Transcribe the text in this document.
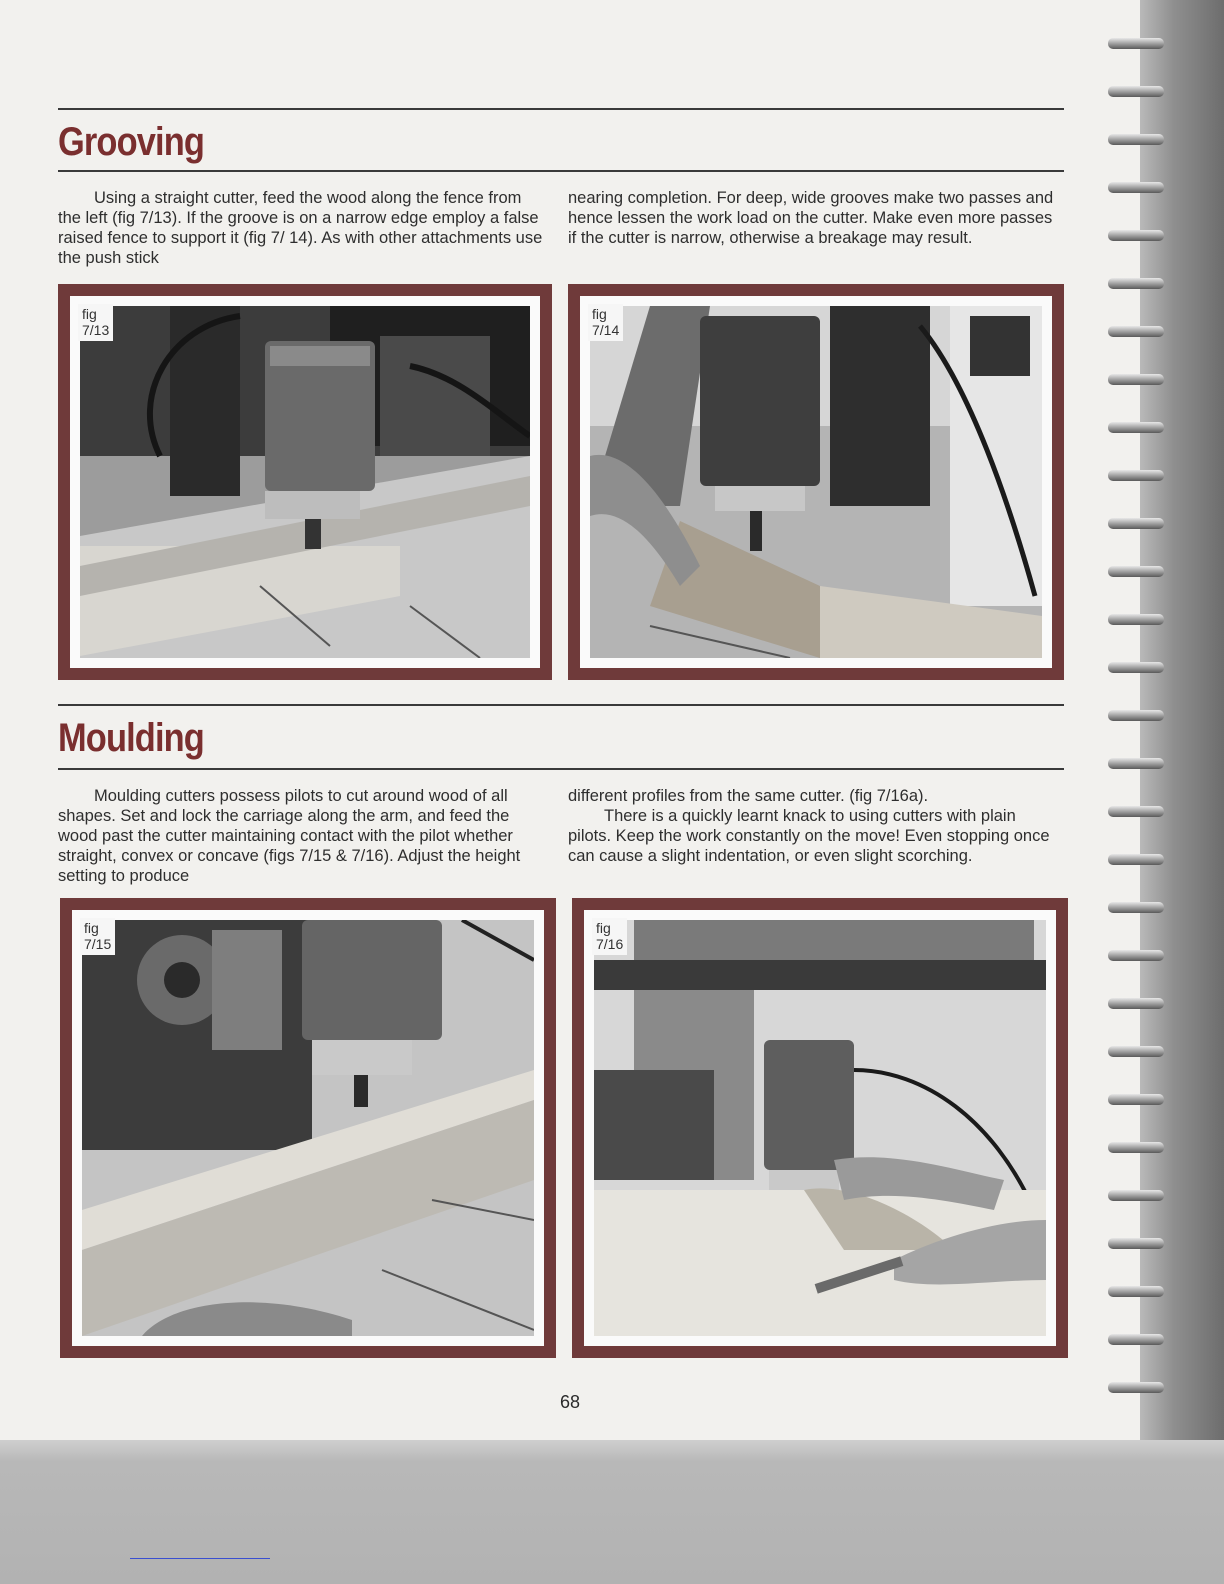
Grooving

Using a straight cutter, feed the wood along the fence from the left (fig 7/13). If the groove is on a narrow edge employ a false raised fence to support it (fig 7/ 14). As with other attachments use the push stick

nearing completion. For deep, wide grooves make two passes and hence lessen the work load on the cutter. Make even more passes if the cutter is narrow, otherwise a breakage may result.

fig
7/13
fig
7/14
Moulding

Moulding cutters possess pilots to cut around wood of all shapes. Set and lock the carriage along the arm, and feed the wood past the cutter maintaining contact with the pilot whether straight, convex or concave (figs 7/15 & 7/16). Adjust the height setting to produce

different profiles from the same cutter. (fig 7/16a).

There is a quickly learnt knack to using cutters with plain pilots. Keep the work constantly on the move! Even stopping once can cause a slight indentation, or even slight scorching.

fig
7/15
fig
7/16
68
